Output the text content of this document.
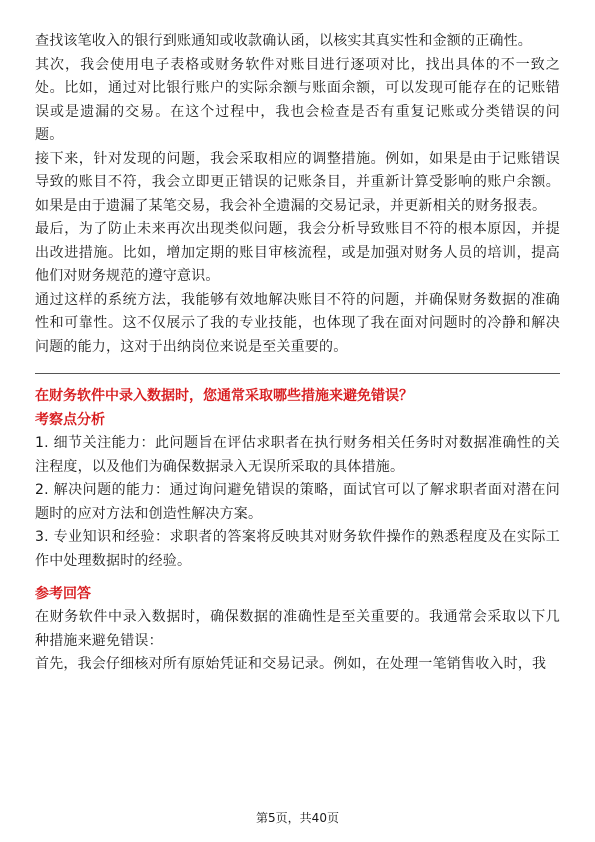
查找该笔收入的银行到账通知或收款确认函，以核实其真实性和金额的正确性。

其次，我会使用电子表格或财务软件对账目进行逐项对比，找出具体的不一致之处。比如，通过对比银行账户的实际余额与账面余额，可以发现可能存在的记账错误或是遗漏的交易。在这个过程中，我也会检查是否有重复记账或分类错误的问题。

接下来，针对发现的问题，我会采取相应的调整措施。例如，如果是由于记账错误导致的账目不符，我会立即更正错误的记账条目，并重新计算受影响的账户余额。如果是由于遗漏了某笔交易，我会补全遗漏的交易记录，并更新相关的财务报表。

最后，为了防止未来再次出现类似问题，我会分析导致账目不符的根本原因，并提出改进措施。比如，增加定期的账目审核流程，或是加强对财务人员的培训，提高他们对财务规范的遵守意识。

通过这样的系统方法，我能够有效地解决账目不符的问题，并确保财务数据的准确性和可靠性。这不仅展示了我的专业技能，也体现了我在面对问题时的冷静和解决问题的能力，这对于出纳岗位来说是至关重要的。

在财务软件中录入数据时，您通常采取哪些措施来避免错误？
考察点分析

1. 细节关注能力：此问题旨在评估求职者在执行财务相关任务时对数据准确性的关注程度，以及他们为确保数据录入无误所采取的具体措施。

2. 解决问题的能力：通过询问避免错误的策略，面试官可以了解求职者面对潜在问题时的应对方法和创造性解决方案。

3. 专业知识和经验：求职者的答案将反映其对财务软件操作的熟悉程度及在实际工作中处理数据时的经验。

参考回答

在财务软件中录入数据时，确保数据的准确性是至关重要的。我通常会采取以下几种措施来避免错误：

首先，我会仔细核对所有原始凭证和交易记录。例如，在处理一笔销售收入时，我

第5页，共40页
